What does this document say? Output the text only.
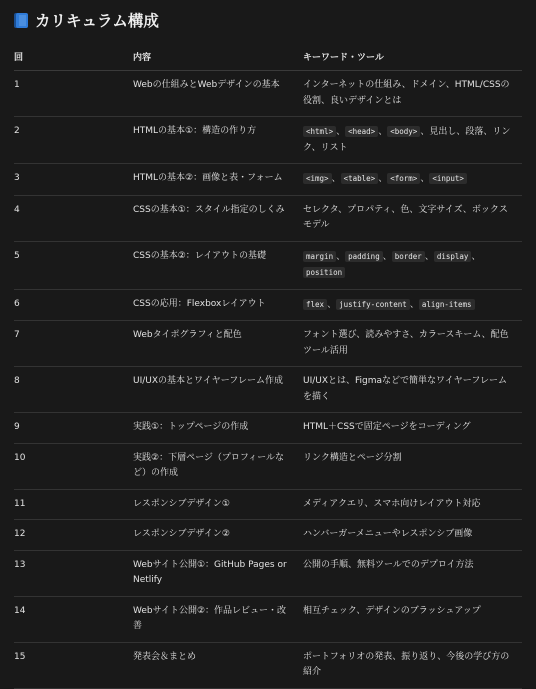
カリキュラム構成
回	内容	キーワード・ツール
1	Webの仕組みとWebデザインの基本	インターネットの仕組み、ドメイン、HTML/CSSの役割、良いデザインとは
2	HTMLの基本①：構造の作り方	<html> 、 <head> 、 <body> 、見出し、段落、リンク、リスト
3	HTMLの基本②：画像と表・フォーム	<img> 、 <table> 、 <form> 、 <input>
4	CSSの基本①：スタイル指定のしくみ	セレクタ、プロパティ、色、文字サイズ、ボックスモデル
5	CSSの基本②：レイアウトの基礎	margin 、 padding 、 border 、 display 、position
6	CSSの応用：Flexboxレイアウト	flex 、 justify-content 、 align-items
7	Webタイポグラフィと配色	フォント選び、読みやすさ、カラースキーム、配色ツール活用
8	UI/UXの基本とワイヤーフレーム作成	UI/UXとは、Figmaなどで簡単なワイヤーフレームを描く
9	実践①：トップページの作成	HTML＋CSSで固定ページをコーディング
10	実践②：下層ページ（プロフィールなど）の作成	リンク構造とページ分割
11	レスポンシブデザイン①	メディアクエリ、スマホ向けレイアウト対応
12	レスポンシブデザイン②	ハンバーガーメニューやレスポンシブ画像
13	Webサイト公開①：GitHub Pages or Netlify	公開の手順、無料ツールでのデプロイ方法
14	Webサイト公開②：作品レビュー・改善	相互チェック、デザインのブラッシュアップ
15	発表会＆まとめ	ポートフォリオの発表、振り返り、今後の学び方の紹介
